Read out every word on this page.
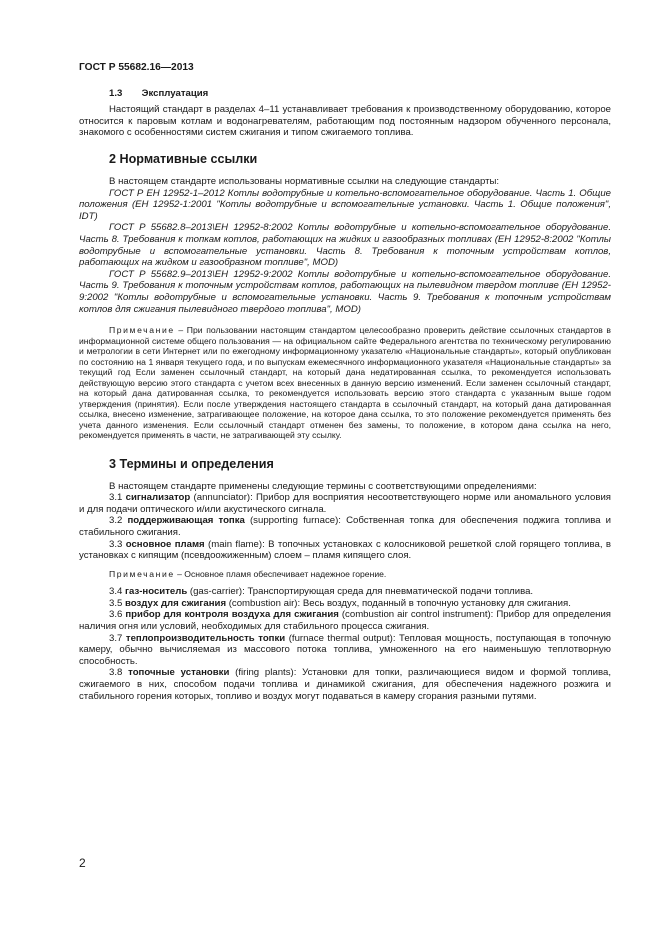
ГОСТ Р 55682.16—2013
1.3 Эксплуатация

Настоящий стандарт в разделах 4–11 устанавливает требования к производственному оборудованию, которое относится к паровым котлам и водонагревателям, работающим под постоянным надзором обученного персонала, знакомого с особенностями систем сжигания и типом сжигаемого топлива.

2 Нормативные ссылки

В настоящем стандарте использованы нормативные ссылки на следующие стандарты:

ГОСТ Р ЕН 12952-1–2012 Котлы водотрубные и котельно-вспомогательное оборудование. Часть 1. Общие положения (ЕН 12952-1:2001 "Котлы водотрубные и вспомогательные установки. Часть 1. Общие положения", IDT)

ГОСТ Р 55682.8–2013\ЕН 12952-8:2002 Котлы водотрубные и котельно-вспомогательное оборудование. Часть 8. Требования к топкам котлов, работающих на жидких и газообразных топливах (ЕН 12952-8:2002 "Котлы водотрубные и вспомогательные установки. Часть 8. Требования к топочным устройствам котлов, работающих на жидком и газообразном топливе", MOD)

ГОСТ Р 55682.9–2013\ЕН 12952-9:2002 Котлы водотрубные и котельно-вспомогательное оборудование. Часть 9. Требования к топочным устройствам котлов, работающих на пылевидном твердом топливе (ЕН 12952-9:2002 "Котлы водотрубные и вспомогательные установки. Часть 9. Требования к топочным устройствам котлов для сжигания пылевидного твердого топлива", MOD)

Примечание – При пользовании настоящим стандартом целесообразно проверить действие ссылочных стандартов в информационной системе общего пользования — на официальном сайте Федерального агентства по техническому регулированию и метрологии в сети Интернет или по ежегодному информационному указателю «Национальные стандарты», который опубликован по состоянию на 1 января текущего года, и по выпускам ежемесячного информационного указателя «Национальные стандарты» за текущий год Если заменен ссылочный стандарт, на который дана недатированная ссылка, то рекомендуется использовать действующую версию этого стандарта с учетом всех внесенных в данную версию изменений. Если заменен ссылочный стандарт, на который дана датированная ссылка, то рекомендуется использовать версию этого стандарта с указанным выше годом утверждения (принятия). Если после утверждения настоящего стандарта в ссылочный стандарт, на который дана датированная ссылка, внесено изменение, затрагивающее положение, на которое дана ссылка, то это положение рекомендуется применять без учета данного изменения. Если ссылочный стандарт отменен без замены, то положение, в котором дана ссылка на него, рекомендуется применять в части, не затрагивающей эту ссылку.

3 Термины и определения

В настоящем стандарте применены следующие термины с соответствующими определениями:

3.1 сигнализатор (annunciator): Прибор для восприятия несоответствующего норме или аномального условия и для подачи оптического и/или акустического сигнала.

3.2 поддерживающая топка (supporting furnace): Собственная топка для обеспечения поджига топлива и стабильного сжигания.

3.3 основное пламя (main flame): В топочных установках с колосниковой решеткой слой горящего топлива, в установках с кипящим (псевдоожиженным) слоем – пламя кипящего слоя.

Примечание – Основное пламя обеспечивает надежное горение.

3.4 газ-носитель (gas-carrier): Транспортирующая среда для пневматической подачи топлива.

3.5 воздух для сжигания (combustion air): Весь воздух, поданный в топочную установку для сжигания.

3.6 прибор для контроля воздуха для сжигания (combustion air control instrument): Прибор для определения наличия огня или условий, необходимых для стабильного процесса сжигания.

3.7 теплопроизводительность топки (furnace thermal output): Тепловая мощность, поступающая в топочную камеру, обычно вычисляемая из массового потока топлива, умноженного на его наименьшую теплотворную способность.

3.8 топочные установки (firing plants): Установки для топки, различающиеся видом и формой топлива, сжигаемого в них, способом подачи топлива и динамикой сжигания, для обеспечения надежного розжига и стабильного горения которых, топливо и воздух могут подаваться в камеру сгорания разными путями.

2
